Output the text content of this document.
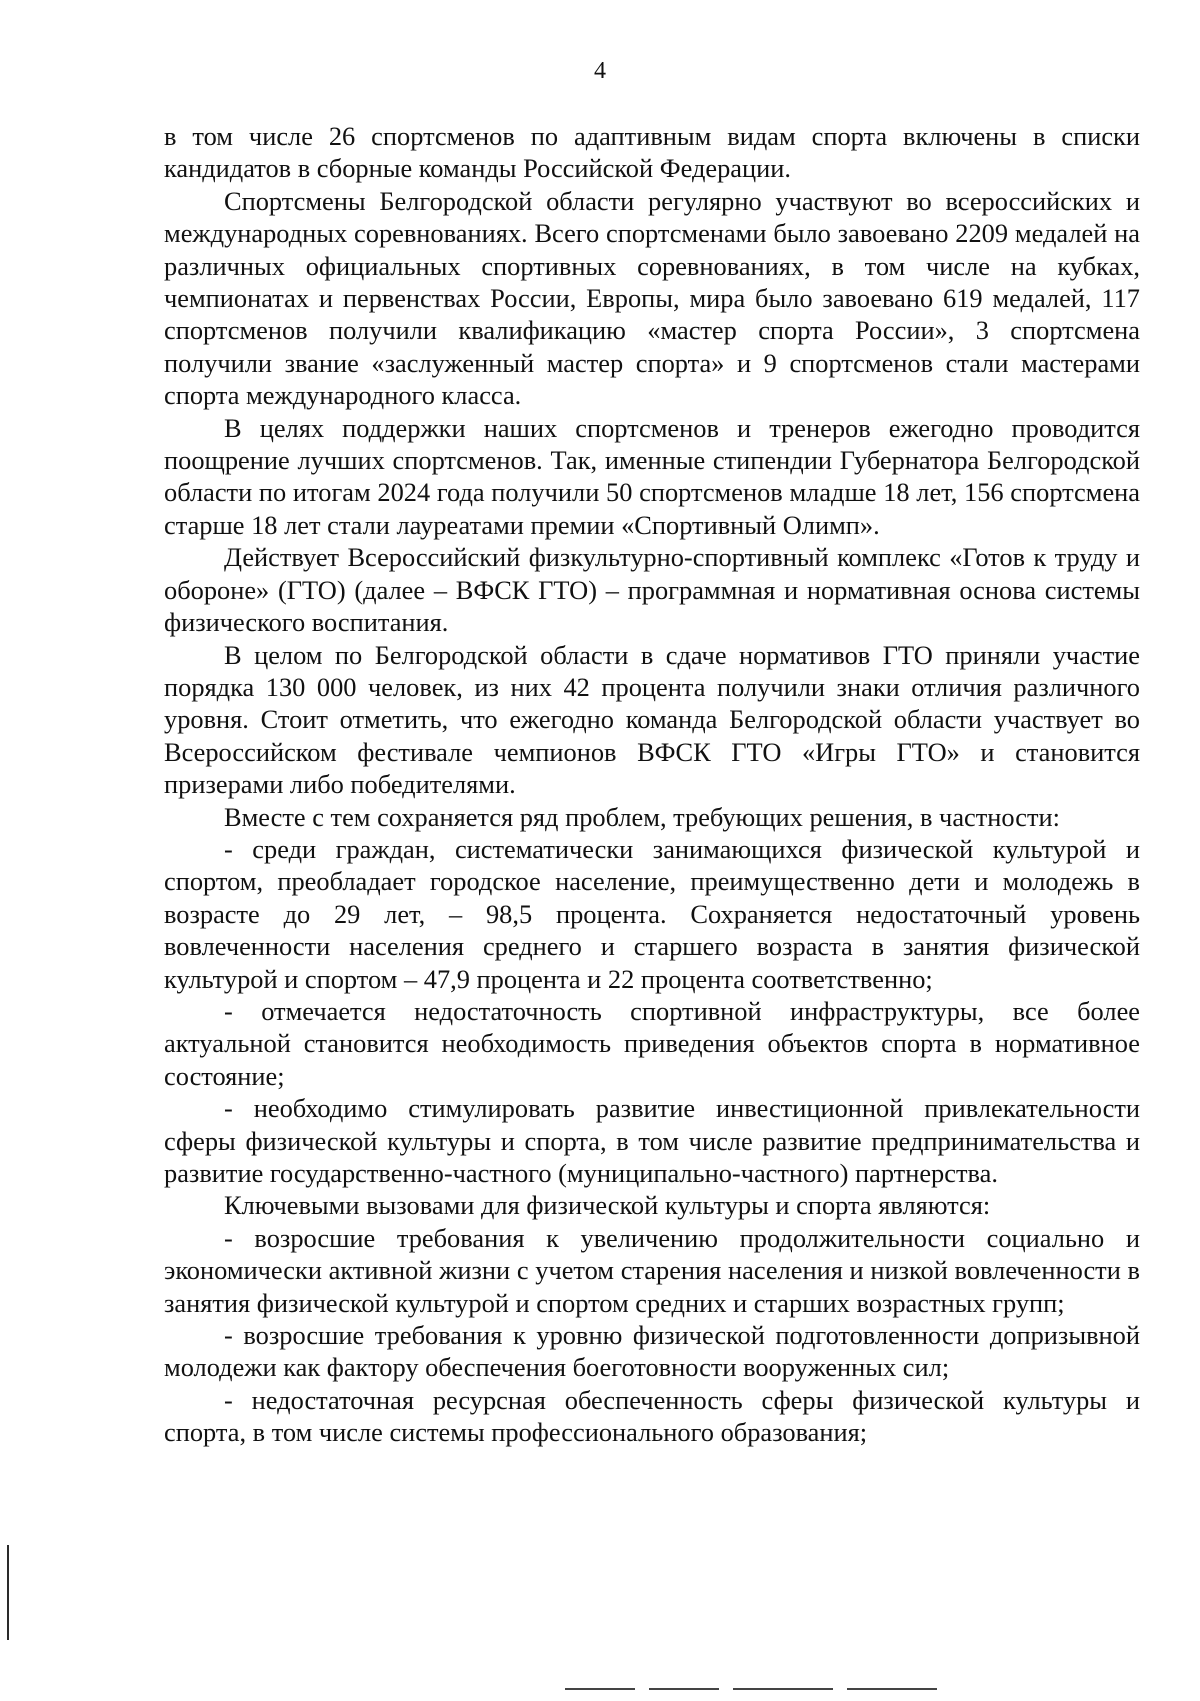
4

в том числе 26 спортсменов по адаптивным видам спорта включены в списки кандидатов в сборные команды Российской Федерации.

Спортсмены Белгородской области регулярно участвуют во всероссийских и международных соревнованиях. Всего спортсменами было завоевано 2209 медалей на различных официальных спортивных соревнованиях, в том числе на кубках, чемпионатах и первенствах России, Европы, мира было завоевано 619 медалей, 117 спортсменов получили квалификацию «мастер спорта России», 3 спортсмена получили звание «заслуженный мастер спорта» и 9 спортсменов стали мастерами спорта международного класса.

В целях поддержки наших спортсменов и тренеров ежегодно проводится поощрение лучших спортсменов. Так, именные стипендии Губернатора Белгородской области по итогам 2024 года получили 50 спортсменов младше 18 лет, 156 спортсмена старше 18 лет стали лауреатами премии «Спортивный Олимп».

Действует Всероссийский физкультурно-спортивный комплекс «Готов к труду и обороне» (ГТО) (далее – ВФСК ГТО) – программная и нормативная основа системы физического воспитания.

В целом по Белгородской области в сдаче нормативов ГТО приняли участие порядка 130 000 человек, из них 42 процента получили знаки отличия различного уровня. Стоит отметить, что ежегодно команда Белгородской области участвует во Всероссийском фестивале чемпионов ВФСК ГТО «Игры ГТО» и становится призерами либо победителями.

Вместе с тем сохраняется ряд проблем, требующих решения, в частности:

- среди граждан, систематически занимающихся физической культурой и спортом, преобладает городское население, преимущественно дети и молодежь в возрасте до 29 лет, – 98,5 процента. Сохраняется недостаточный уровень вовлеченности населения среднего и старшего возраста в занятия физической культурой и спортом – 47,9 процента и 22 процента соответственно;

- отмечается недостаточность спортивной инфраструктуры, все более актуальной становится необходимость приведения объектов спорта в нормативное состояние;

- необходимо стимулировать развитие инвестиционной привлекательности сферы физической культуры и спорта, в том числе развитие предпринимательства и развитие государственно-частного (муниципально-частного) партнерства.

Ключевыми вызовами для физической культуры и спорта являются:

- возросшие требования к увеличению продолжительности социально и экономически активной жизни с учетом старения населения и низкой вовлеченности в занятия физической культурой и спортом средних и старших возрастных групп;

- возросшие требования к уровню физической подготовленности допризывной молодежи как фактору обеспечения боеготовности вооруженных сил;

- недостаточная ресурсная обеспеченность сферы физической культуры и спорта, в том числе системы профессионального образования;
